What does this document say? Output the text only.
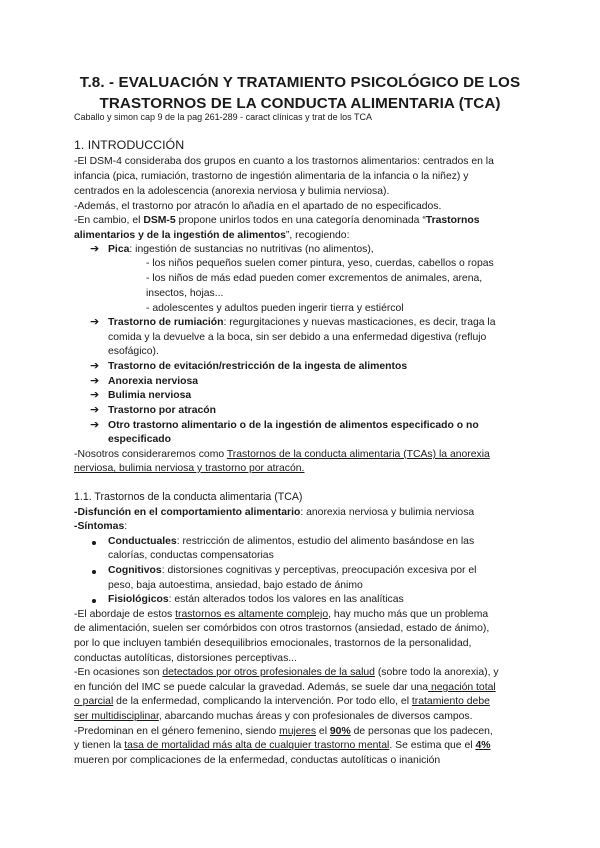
T.8. - EVALUACIÓN Y TRATAMIENTO PSICOLÓGICO DE LOS
TRASTORNOS DE LA CONDUCTA ALIMENTARIA (TCA)
Caballo y simon cap 9 de la pag 261-289 - caract clínicas y trat de los TCA
1. INTRODUCCIÓN
-El DSM-4 consideraba dos grupos en cuanto a los trastornos alimentarios: centrados en la
infancia (pica, rumiación, trastorno de ingestión alimentaria de la infancia o la niñez) y
centrados en la adolescencia (anorexia nerviosa y bulimia nerviosa).
-Además, el trastorno por atracón lo añadía en el apartado de no especificados.
-En cambio, el DSM-5 propone unirlos todos en una categoría denominada “Trastornos
alimentarios y de la ingestión de alimentos”, recogiendo:
➔ Pica: ingestión de sustancias no nutritivas (no alimentos),
- los niños pequeños suelen comer pintura, yeso, cuerdas, cabellos o ropas
- los niños de más edad pueden comer excrementos de animales, arena,
insectos, hojas...
- adolescentes y adultos pueden ingerir tierra y estiércol
➔ Trastorno de rumiación: regurgitaciones y nuevas masticaciones, es decir, traga la
comida y la devuelve a la boca, sin ser debido a una enfermedad digestiva (reflujo
esofágico).
➔ Trastorno de evitación/restricción de la ingesta de alimentos
➔ Anorexia nerviosa
➔ Bulimia nerviosa
➔ Trastorno por atracón
➔ Otro trastorno alimentario o de la ingestión de alimentos especificado o no
especificado
-Nosotros consideraremos como Trastornos de la conducta alimentaria (TCAs) la anorexia
nerviosa, bulimia nerviosa y trastorno por atracón.
1.1. Trastornos de la conducta alimentaria (TCA)
-Disfunción en el comportamiento alimentario: anorexia nerviosa y bulimia nerviosa
-Síntomas:
Conductuales: restricción de alimentos, estudio del alimento basándose en las
calorías, conductas compensatorias
Cognitivos: distorsiones cognitivas y perceptivas, preocupación excesiva por el
peso, baja autoestima, ansiedad, bajo estado de ánimo
Fisiológicos: están alterados todos los valores en las analíticas
-El abordaje de estos trastornos es altamente complejo, hay mucho más que un problema
de alimentación, suelen ser comórbidos con otros trastornos (ansiedad, estado de ánimo),
por lo que incluyen también desequilibrios emocionales, trastornos de la personalidad,
conductas autolíticas, distorsiones perceptivas...
-En ocasiones son detectados por otros profesionales de la salud (sobre todo la anorexia), y
en función del IMC se puede calcular la gravedad. Además, se suele dar una negación total
o parcial de la enfermedad, complicando la intervención. Por todo ello, el tratamiento debe
ser multidisciplinar, abarcando muchas áreas y con profesionales de diversos campos.
-Predominan en el género femenino, siendo mujeres el 90% de personas que los padecen,
y tienen la tasa de mortalidad más alta de cualquier trastorno mental. Se estima que el 4%
mueren por complicaciones de la enfermedad, conductas autolíticas o inanición
